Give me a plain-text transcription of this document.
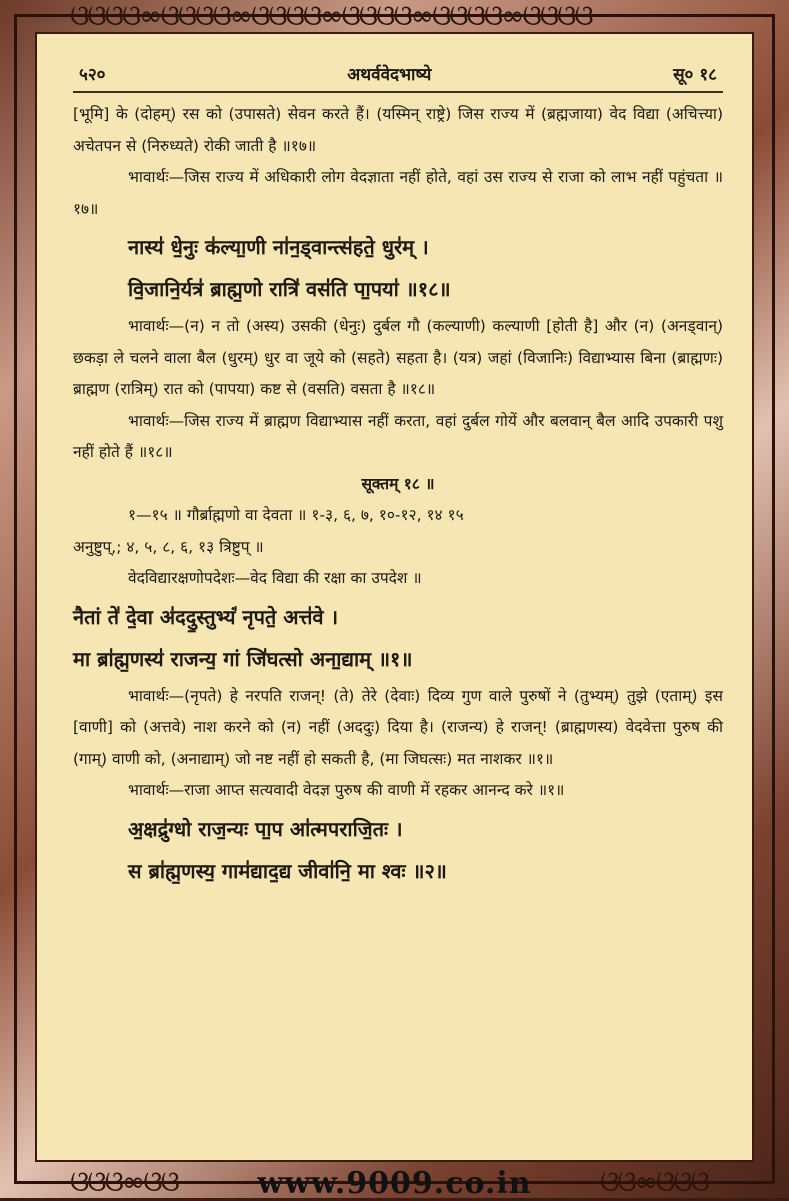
ଓଓଓଓ∞ଓଓଓଓ∞ଓଓଓଓ∞ଓଓଓଓ∞ଓଓଓଓ∞ଓଓଓଓ
ଓଓଓ∞ଓଓ	ଓଓ∞ଓଓଓ
५२०	अथर्ववेदभाष्ये	सू० १८

[भूमि] के (दोहम्) रस को (उपासते) सेवन करते हैं। (यस्मिन् राष्ट्रे) जिस राज्य में (ब्रह्मजाया) वेद विद्या (अचित्त्या) अचेतपन से (निरुध्यते) रोकी जाती है ॥१७॥

भावार्थः—जिस राज्य में अधिकारी लोग वेदज्ञाता नहीं होते, वहां उस राज्य से राजा को लाभ नहीं पहुंचता ॥१७॥

नास्य॑ धे॒नुः क॑ल्या॒णी ना॑न॒ड्वान्त्स॑हते॒ धुर॑म् ।
वि॒जानि॒र्यत्र॑ ब्राह्म॒णो रात्रि॑ वस॑ति पा॒पया॑ ॥१८॥

भावार्थः—(न) न तो (अस्य) उसकी (धेनुः) दुर्बल गौ (कल्याणी) कल्याणी [होती है] और (न) (अनड्वान्) छकड़ा ले चलने वाला बैल (धुरम्) धुर वा जूये को (सहते) सहता है। (यत्र) जहां (विजानिः) विद्याभ्यास बिना (ब्राह्मणः) ब्राह्मण (रात्रिम्) रात को (पापया) कष्ट से (वसति) वसता है ॥१८॥

भावार्थः—जिस राज्य में ब्राह्मण विद्याभ्यास नहीं करता, वहां दुर्बल गोयें और बलवान् बैल आदि उपकारी पशु नहीं होते हैं ॥१८॥

सूक्तम् १८ ॥

१—१५ ॥ गौर्ब्राह्मणो वा देवता ॥ १-३, ६, ७, १०-१२, १४ १५

अनुष्टुप्,; ४, ५, ८, ६, १३ त्रिष्टुप् ॥

वेदविद्यारक्षणोपदेशः—वेद विद्या की रक्षा का उपदेश ॥

नैतां ते॑ दे॒वा अ॑ददु॒स्तुभ्यं॑ नृपते॒ अत्त॑वे ।
मा ब्रा॑ह्म॒णस्य॑ राजन्य॒ गां जि॑घत्सो अना॒द्याम् ॥१॥

भावार्थः—(नृपते) हे नरपति राजन्! (ते) तेरे (देवाः) दिव्य गुण वाले पुरुषों ने (तुभ्यम्) तुझे (एताम्) इस [वाणी] को (अत्तवे) नाश करने को (न) नहीं (अददुः) दिया है। (राजन्य) हे राजन्! (ब्राह्मणस्य) वेदवेत्ता पुरुष की (गाम्) वाणी को, (अनाद्याम्) जो नष्ट नहीं हो सकती है, (मा जिघत्सः) मत नाशकर ॥१॥

भावार्थः—राजा आप्त सत्यवादी वेदज्ञ पुरुष की वाणी में रहकर आनन्द करे ॥१॥

अ॒क्षद्रु॑ग्धो राज॒न्यः पा॒प आ॑त्मपराजि॒तः ।
स ब्रा॑ह्म॒णस्य॒ गाम॑द्याद॒द्य जीवा॑नि॒ मा श्वः ॥२॥
www.9009.co.in
